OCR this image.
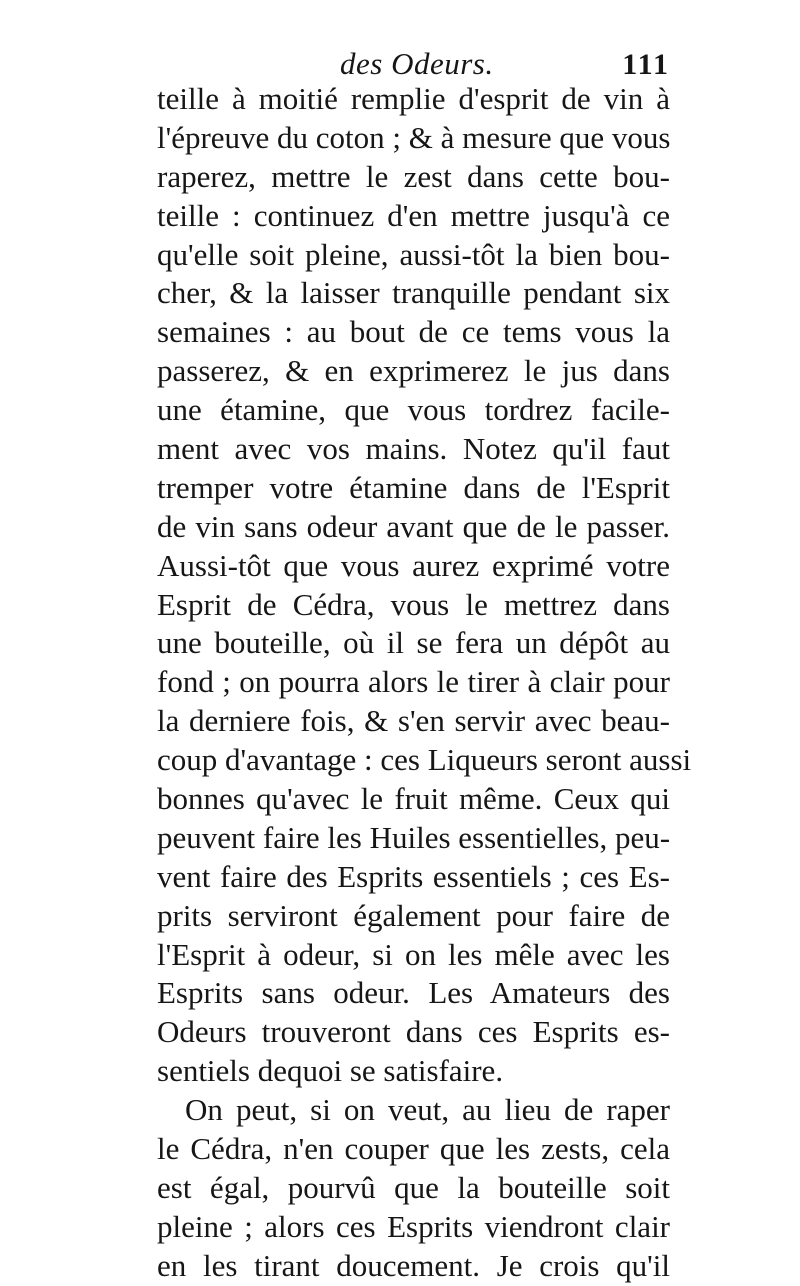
des Odeurs.	111
teille à moitié remplie d'esprit de vin à
l'épreuve du coton ; & à mesure que vous
raperez, mettre le zest dans cette bou-
teille : continuez d'en mettre jusqu'à ce
qu'elle soit pleine, aussi-tôt la bien bou-
cher, & la laisser tranquille pendant six
semaines : au bout de ce tems vous la
passerez, & en exprimerez le jus dans
une étamine, que vous tordrez facile-
ment avec vos mains. Notez qu'il faut
tremper votre étamine dans de l'Esprit
de vin sans odeur avant que de le passer.
Aussi-tôt que vous aurez exprimé votre
Esprit de Cédra, vous le mettrez dans
une bouteille, où il se fera un dépôt au
fond ; on pourra alors le tirer à clair pour
la derniere fois, & s'en servir avec beau-
coup d'avantage : ces Liqueurs seront aussi
bonnes qu'avec le fruit même. Ceux qui
peuvent faire les Huiles essentielles, peu-
vent faire des Esprits essentiels ; ces Es-
prits serviront également pour faire de
l'Esprit à odeur, si on les mêle avec les
Esprits sans odeur. Les Amateurs des
Odeurs trouveront dans ces Esprits es-
sentiels dequoi se satisfaire.
On peut, si on veut, au lieu de raper
le Cédra, n'en couper que les zests, cela
est égal, pourvû que la bouteille soit
pleine ; alors ces Esprits viendront clair
en les tirant doucement. Je crois qu'il
